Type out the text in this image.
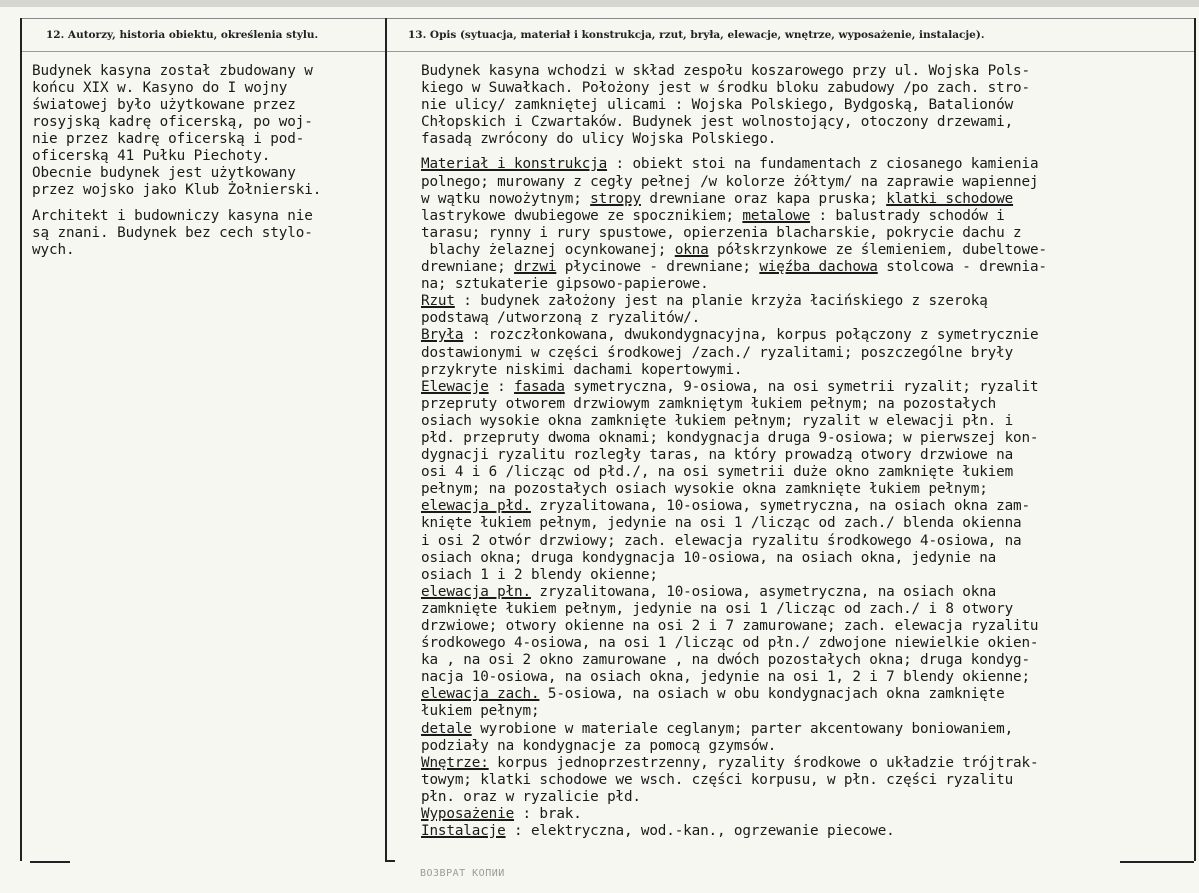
12. Autorzy, historia obiektu, określenia stylu.	13. Opis (sytuacja, materiał i konstrukcja, rzut, bryła, elewacje, wnętrze, wyposażenie, instalacje).
Budynek kasyna został zbudowany w
końcu XIX w. Kasyno do I wojny
światowej było użytkowane przez
rosyjską kadrę oficerską, po woj-
nie przez kadrę oficerską i pod-
oficerską 41 Pułku Piechoty.
Obecnie budynek jest użytkowany
przez wojsko jako Klub Żołnierski.
Architekt i budowniczy kasyna nie
są znani. Budynek bez cech stylo-
wych.
Budynek kasyna wchodzi w skład zespołu koszarowego przy ul. Wojska Pols-
kiego w Suwałkach. Położony jest w środku bloku zabudowy /po zach. stro-
nie ulicy/ zamkniętej ulicami : Wojska Polskiego, Bydgoską, Batalionów
Chłopskich i Czwartaków. Budynek jest wolnostojący, otoczony drzewami,
fasadą zwrócony do ulicy Wojska Polskiego.
Materiał i konstrukcja : obiekt stoi na fundamentach z ciosanego kamienia
polnego; murowany z cegły pełnej /w kolorze żółtym/ na zaprawie wapiennej
w wątku nowożytnym; stropy drewniane oraz kapa pruska; klatki schodowe
lastrykowe dwubiegowe ze spocznikiem; metalowe : balustrady schodów i
tarasu; rynny i rury spustowe, opierzenia blacharskie, pokrycie dachu z
blachy żelaznej ocynkowanej; okna półskrzynkowe ze ślemieniem, dubeltowe-
drewniane; drzwi płycinowe - drewniane; więźba dachowa stolcowa - drewnia-
na; sztukaterie gipsowo-papierowe.
Rzut : budynek założony jest na planie krzyża łacińskiego z szeroką
podstawą /utworzoną z ryzalitów/.
Bryła : rozczłonkowana, dwukondygnacyjna, korpus połączony z symetrycznie
dostawionymi w części środkowej /zach./ ryzalitami; poszczególne bryły
przykryte niskimi dachami kopertowymi.
Elewacje : fasada symetryczna, 9-osiowa, na osi symetrii ryzalit; ryzalit
przepruty otworem drzwiowym zamkniętym łukiem pełnym; na pozostałych
osiach wysokie okna zamknięte łukiem pełnym; ryzalit w elewacji płn. i
płd. przepruty dwoma oknami; kondygnacja druga 9-osiowa; w pierwszej kon-
dygnacji ryzalitu rozległy taras, na który prowadzą otwory drzwiowe na
osi 4 i 6 /licząc od płd./, na osi symetrii duże okno zamknięte łukiem
pełnym; na pozostałych osiach wysokie okna zamknięte łukiem pełnym;
elewacja płd. zryzalitowana, 10-osiowa, symetryczna, na osiach okna zam-
knięte łukiem pełnym, jedynie na osi 1 /licząc od zach./ blenda okienna
i osi 2 otwór drzwiowy; zach. elewacja ryzalitu środkowego 4-osiowa, na
osiach okna; druga kondygnacja 10-osiowa, na osiach okna, jedynie na
osiach 1 i 2 blendy okienne;
elewacja płn. zryzalitowana, 10-osiowa, asymetryczna, na osiach okna
zamknięte łukiem pełnym, jedynie na osi 1 /licząc od zach./ i 8 otwory
drzwiowe; otwory okienne na osi 2 i 7 zamurowane; zach. elewacja ryzalitu
środkowego 4-osiowa, na osi 1 /licząc od płn./ zdwojone niewielkie okien-
ka , na osi 2 okno zamurowane , na dwóch pozostałych okna; druga kondyg-
nacja 10-osiowa, na osiach okna, jedynie na osi 1, 2 i 7 blendy okienne;
elewacja zach. 5-osiowa, na osiach w obu kondygnacjach okna zamknięte
łukiem pełnym;
detale wyrobione w materiale ceglanym; parter akcentowany boniowaniem,
podziały na kondygnacje za pomocą gzymsów.
Wnętrze: korpus jednoprzestrzenny, ryzality środkowe o układzie trójtrak-
towym; klatki schodowe we wsch. części korpusu, w płn. części ryzalitu
płn. oraz w ryzalicie płd.
Wyposażenie : brak.
Instalacje : elektryczna, wod.-kan., ogrzewanie piecowe.
ВОЗВРАТ КОПИИ
